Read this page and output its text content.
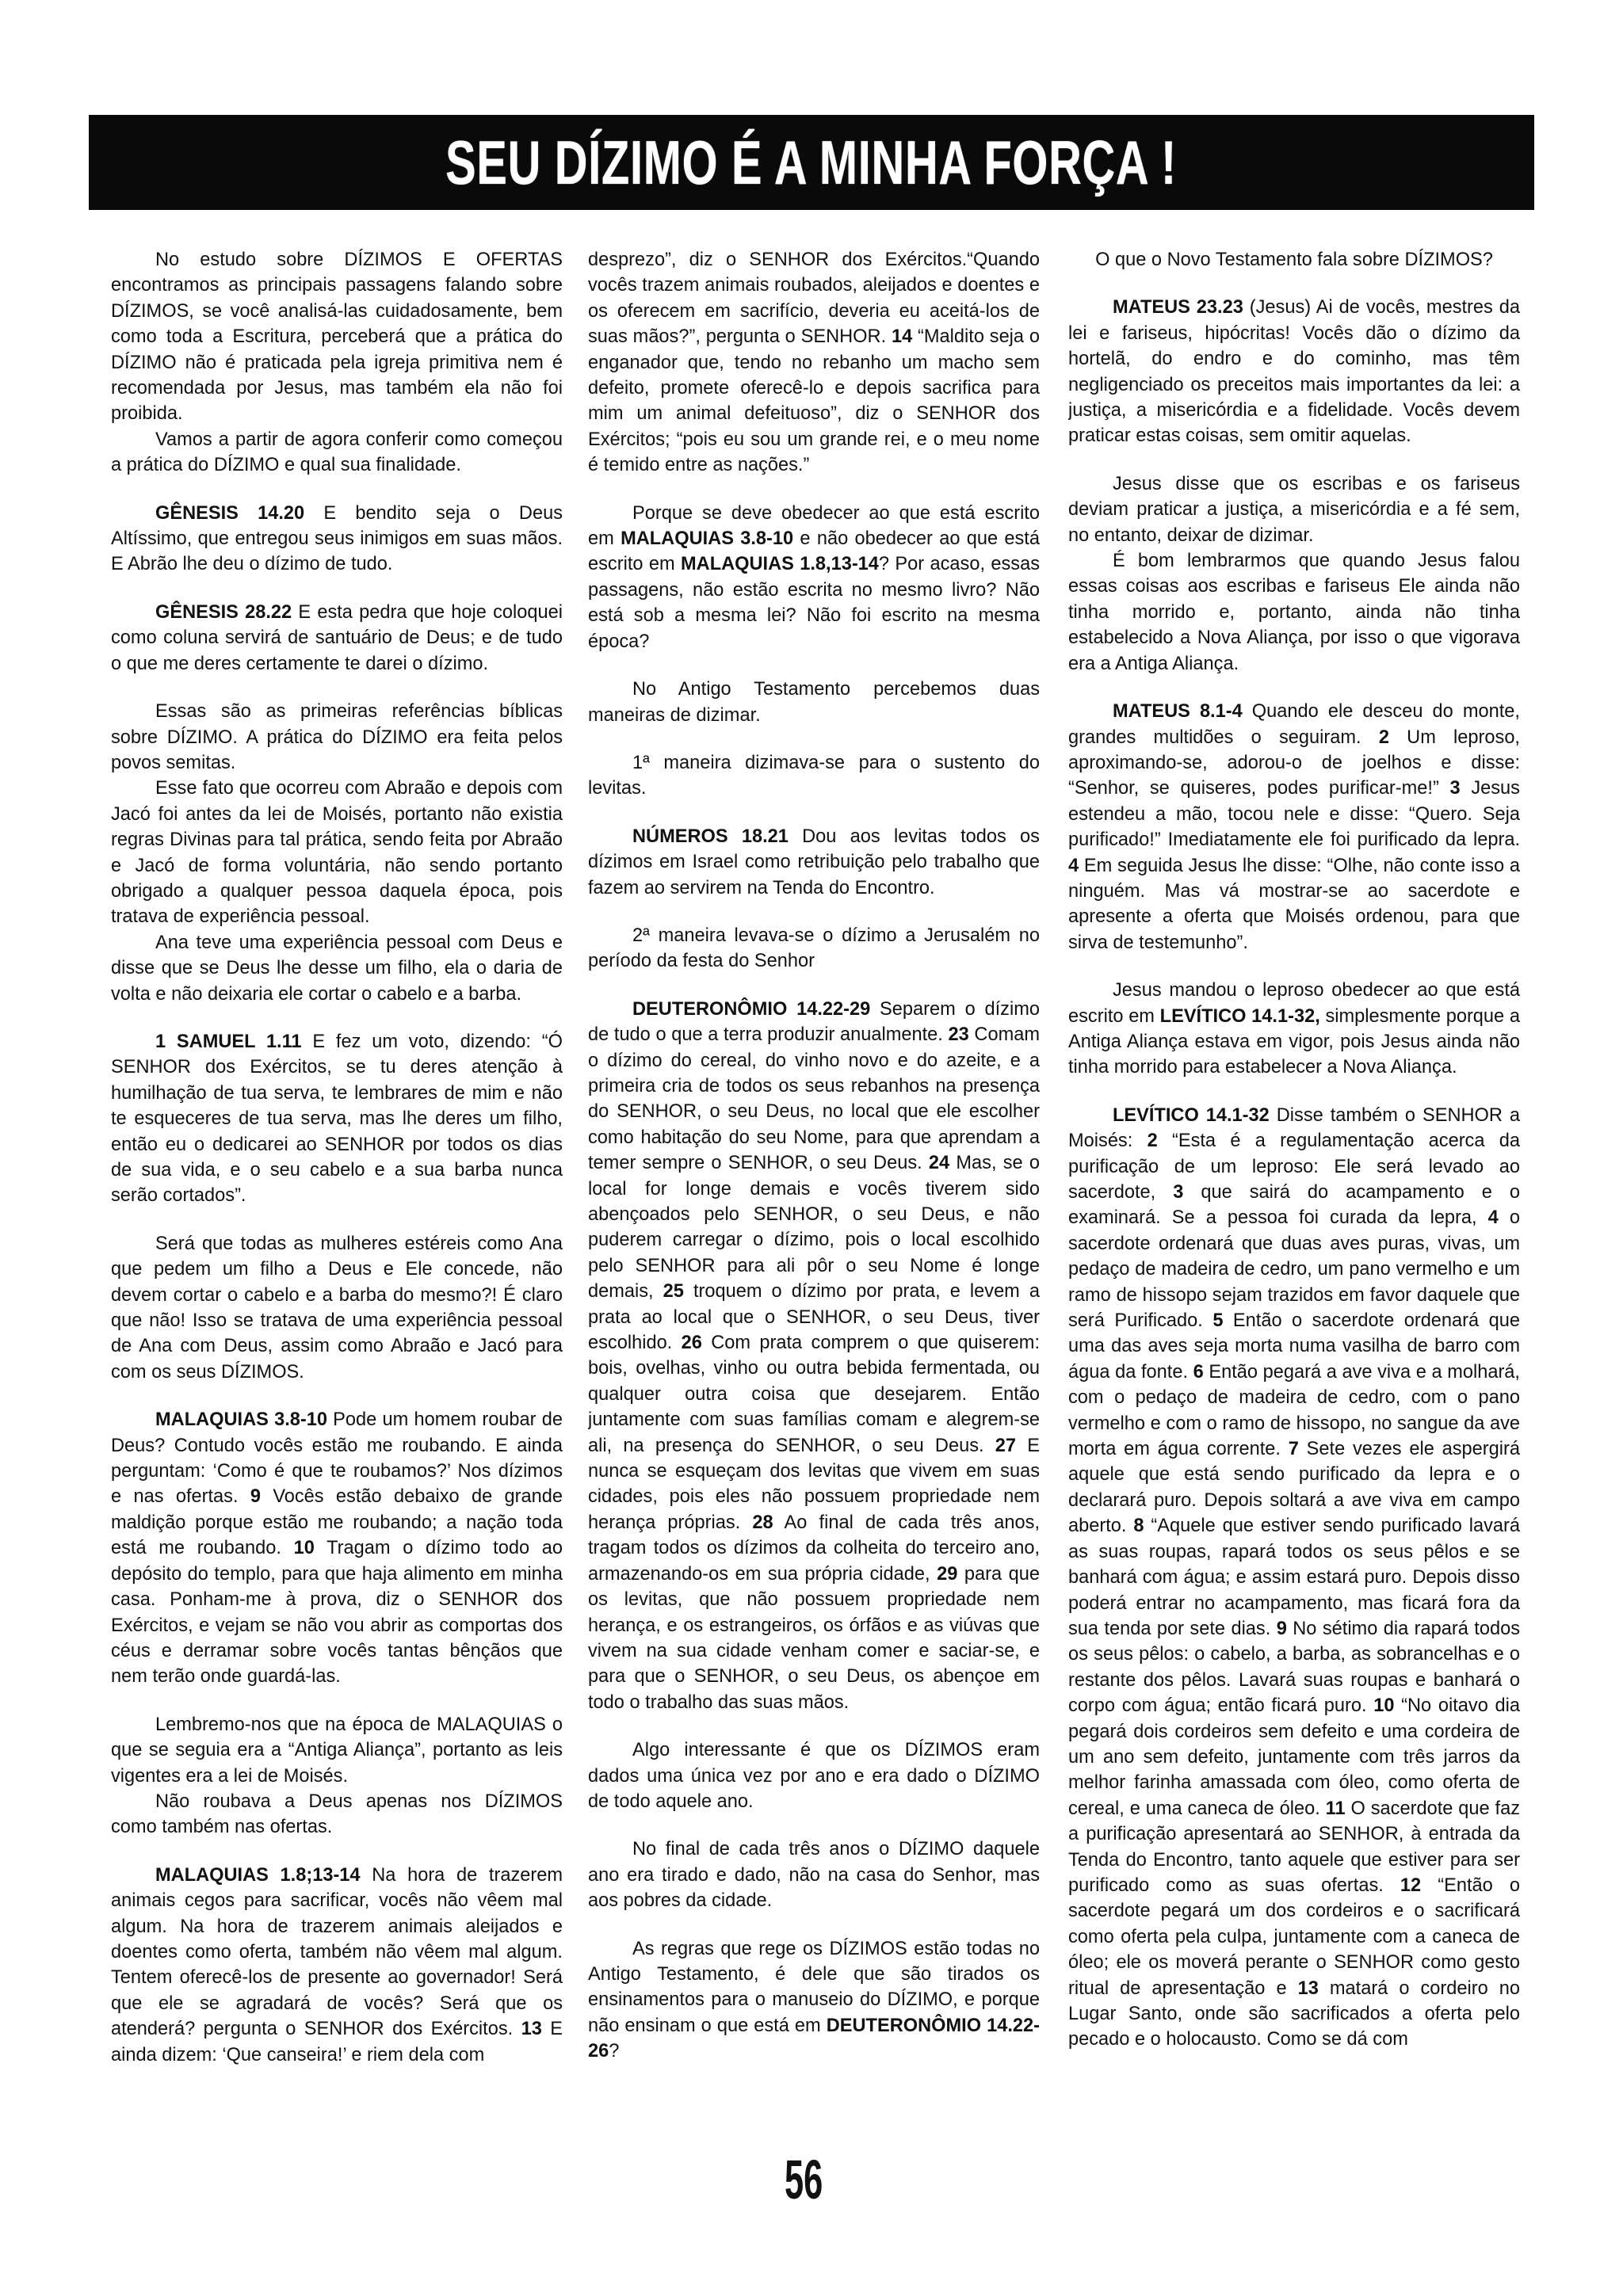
SEU DÍZIMO É A MINHA FORÇA !

No estudo sobre DÍZIMOS E OFERTAS encontramos as principais passagens falando sobre DÍZIMOS, se você analisá-las cuidadosamente, bem como toda a Escritura, perceberá que a prática do DÍZIMO não é praticada pela igreja primitiva nem é recomendada por Jesus, mas também ela não foi proibida.

Vamos a partir de agora conferir como começou a prática do DÍZIMO e qual sua finalidade.

GÊNESIS 14.20 E bendito seja o Deus Altíssimo, que entregou seus inimigos em suas mãos. E Abrão lhe deu o dízimo de tudo.

GÊNESIS 28.22 E esta pedra que hoje coloquei como coluna servirá de santuário de Deus; e de tudo o que me deres certamente te darei o dízimo.

Essas são as primeiras referências bíblicas sobre DÍZIMO. A prática do DÍZIMO era feita pelos povos semitas.

Esse fato que ocorreu com Abraão e depois com Jacó foi antes da lei de Moisés, portanto não existia regras Divinas para tal prática, sendo feita por Abraão e Jacó de forma voluntária, não sendo portanto obrigado a qualquer pessoa daquela época, pois tratava de experiência pessoal.

Ana teve uma experiência pessoal com Deus e disse que se Deus lhe desse um filho, ela o daria de volta e não deixaria ele cortar o cabelo e a barba.

1 SAMUEL 1.11 E fez um voto, dizendo: “Ó SENHOR dos Exércitos, se tu deres atenção à humilhação de tua serva, te lembrares de mim e não te esqueceres de tua serva, mas lhe deres um filho, então eu o dedicarei ao SENHOR por todos os dias de sua vida, e o seu cabelo e a sua barba nunca serão cortados”.

Será que todas as mulheres estéreis como Ana que pedem um filho a Deus e Ele concede, não devem cortar o cabelo e a barba do mesmo?! É claro que não! Isso se tratava de uma experiência pessoal de Ana com Deus, assim como Abraão e Jacó para com os seus DÍZIMOS.

MALAQUIAS 3.8-10 Pode um homem roubar de Deus? Contudo vocês estão me roubando. E ainda perguntam: ‘Como é que te roubamos?’ Nos dízimos e nas ofertas. 9 Vocês estão debaixo de grande maldição porque estão me roubando; a nação toda está me roubando. 10 Tragam o dízimo todo ao depósito do templo, para que haja alimento em minha casa. Ponham-me à prova, diz o SENHOR dos Exércitos, e vejam se não vou abrir as comportas dos céus e derramar sobre vocês tantas bênçãos que nem terão onde guardá-las.

Lembremo-nos que na época de MALAQUIAS o que se seguia era a “Antiga Aliança”, portanto as leis vigentes era a lei de Moisés.

Não roubava a Deus apenas nos DÍZIMOS como também nas ofertas.

MALAQUIAS 1.8;13-14 Na hora de trazerem animais cegos para sacrificar, vocês não vêem mal algum. Na hora de trazerem animais aleijados e doentes como oferta, também não vêem mal algum. Tentem oferecê-los de presente ao governador! Será que ele se agradará de vocês? Será que os atenderá? pergunta o SENHOR dos Exércitos. 13 E ainda dizem: ‘Que canseira!’ e riem dela com

desprezo”, diz o SENHOR dos Exércitos.“Quando vocês trazem animais roubados, aleijados e doentes e os oferecem em sacrifício, deveria eu aceitá-los de suas mãos?”, pergunta o SENHOR. 14 “Maldito seja o enganador que, tendo no rebanho um macho sem defeito, promete oferecê-lo e depois sacrifica para mim um animal defeituoso”, diz o SENHOR dos Exércitos; “pois eu sou um grande rei, e o meu nome é temido entre as nações.”

Porque se deve obedecer ao que está escrito em MALAQUIAS 3.8-10 e não obedecer ao que está escrito em MALAQUIAS 1.8,13-14? Por acaso, essas passagens, não estão escrita no mesmo livro? Não está sob a mesma lei? Não foi escrito na mesma época?

No Antigo Testamento percebemos duas maneiras de dizimar.

1ª maneira dizimava-se para o sustento do levitas.

NÚMEROS 18.21 Dou aos levitas todos os dízimos em Israel como retribuição pelo trabalho que fazem ao servirem na Tenda do Encontro.

2ª maneira levava-se o dízimo a Jerusalém no período da festa do Senhor

DEUTERONÔMIO 14.22-29 Separem o dízimo de tudo o que a terra produzir anualmente. 23 Comam o dízimo do cereal, do vinho novo e do azeite, e a primeira cria de todos os seus rebanhos na presença do SENHOR, o seu Deus, no local que ele escolher como habitação do seu Nome, para que aprendam a temer sempre o SENHOR, o seu Deus. 24 Mas, se o local for longe demais e vocês tiverem sido abençoados pelo SENHOR, o seu Deus, e não puderem carregar o dízimo, pois o local escolhido pelo SENHOR para ali pôr o seu Nome é longe demais, 25 troquem o dízimo por prata, e levem a prata ao local que o SENHOR, o seu Deus, tiver escolhido. 26 Com prata comprem o que quiserem: bois, ovelhas, vinho ou outra bebida fermentada, ou qualquer outra coisa que desejarem. Então juntamente com suas famílias comam e alegrem-se ali, na presença do SENHOR, o seu Deus. 27 E nunca se esqueçam dos levitas que vivem em suas cidades, pois eles não possuem propriedade nem herança próprias. 28 Ao final de cada três anos, tragam todos os dízimos da colheita do terceiro ano, armazenando-os em sua própria cidade, 29 para que os levitas, que não possuem propriedade nem herança, e os estrangeiros, os órfãos e as viúvas que vivem na sua cidade venham comer e saciar-se, e para que o SENHOR, o seu Deus, os abençoe em todo o trabalho das suas mãos.

Algo interessante é que os DÍZIMOS eram dados uma única vez por ano e era dado o DÍZIMO de todo aquele ano.

No final de cada três anos o DÍZIMO daquele ano era tirado e dado, não na casa do Senhor, mas aos pobres da cidade.

As regras que rege os DÍZIMOS estão todas no Antigo Testamento, é dele que são tirados os ensinamentos para o manuseio do DÍZIMO, e porque não ensinam o que está em DEUTERONÔMIO 14.22-26?

O que o Novo Testamento fala sobre DÍZIMOS?

MATEUS 23.23 (Jesus) Ai de vocês, mestres da lei e fariseus, hipócritas! Vocês dão o dízimo da hortelã, do endro e do cominho, mas têm negligenciado os preceitos mais importantes da lei: a justiça, a misericórdia e a fidelidade. Vocês devem praticar estas coisas, sem omitir aquelas.

Jesus disse que os escribas e os fariseus deviam praticar a justiça, a misericórdia e a fé sem, no entanto, deixar de dizimar.

É bom lembrarmos que quando Jesus falou essas coisas aos escribas e fariseus Ele ainda não tinha morrido e, portanto, ainda não tinha estabelecido a Nova Aliança, por isso o que vigorava era a Antiga Aliança.

MATEUS 8.1-4 Quando ele desceu do monte, grandes multidões o seguiram. 2 Um leproso, aproximando-se, adorou-o de joelhos e disse: “Senhor, se quiseres, podes purificar-me!” 3 Jesus estendeu a mão, tocou nele e disse: “Quero. Seja purificado!” Imediatamente ele foi purificado da lepra. 4 Em seguida Jesus lhe disse: “Olhe, não conte isso a ninguém. Mas vá mostrar-se ao sacerdote e apresente a oferta que Moisés ordenou, para que sirva de testemunho”.

Jesus mandou o leproso obedecer ao que está escrito em LEVÍTICO 14.1-32, simplesmente porque a Antiga Aliança estava em vigor, pois Jesus ainda não tinha morrido para estabelecer a Nova Aliança.

LEVÍTICO 14.1-32 Disse também o SENHOR a Moisés: 2 “Esta é a regulamentação acerca da purificação de um leproso: Ele será levado ao sacerdote, 3 que sairá do acampamento e o examinará. Se a pessoa foi curada da lepra, 4 o sacerdote ordenará que duas aves puras, vivas, um pedaço de madeira de cedro, um pano vermelho e um ramo de hissopo sejam trazidos em favor daquele que será Purificado. 5 Então o sacerdote ordenará que uma das aves seja morta numa vasilha de barro com água da fonte. 6 Então pegará a ave viva e a molhará, com o pedaço de madeira de cedro, com o pano vermelho e com o ramo de hissopo, no sangue da ave morta em água corrente. 7 Sete vezes ele aspergirá aquele que está sendo purificado da lepra e o declarará puro. Depois soltará a ave viva em campo aberto. 8 “Aquele que estiver sendo purificado lavará as suas roupas, rapará todos os seus pêlos e se banhará com água; e assim estará puro. Depois disso poderá entrar no acampamento, mas ficará fora da sua tenda por sete dias. 9 No sétimo dia rapará todos os seus pêlos: o cabelo, a barba, as sobrancelhas e o restante dos pêlos. Lavará suas roupas e banhará o corpo com água; então ficará puro. 10 “No oitavo dia pegará dois cordeiros sem defeito e uma cordeira de um ano sem defeito, juntamente com três jarros da melhor farinha amassada com óleo, como oferta de cereal, e uma caneca de óleo. 11 O sacerdote que faz a purificação apresentará ao SENHOR, à entrada da Tenda do Encontro, tanto aquele que estiver para ser purificado como as suas ofertas. 12 “Então o sacerdote pegará um dos cordeiros e o sacrificará como oferta pela culpa, juntamente com a caneca de óleo; ele os moverá perante o SENHOR como gesto ritual de apresentação e 13 matará o cordeiro no Lugar Santo, onde são sacrificados a oferta pelo pecado e o holocausto. Como se dá com

56
